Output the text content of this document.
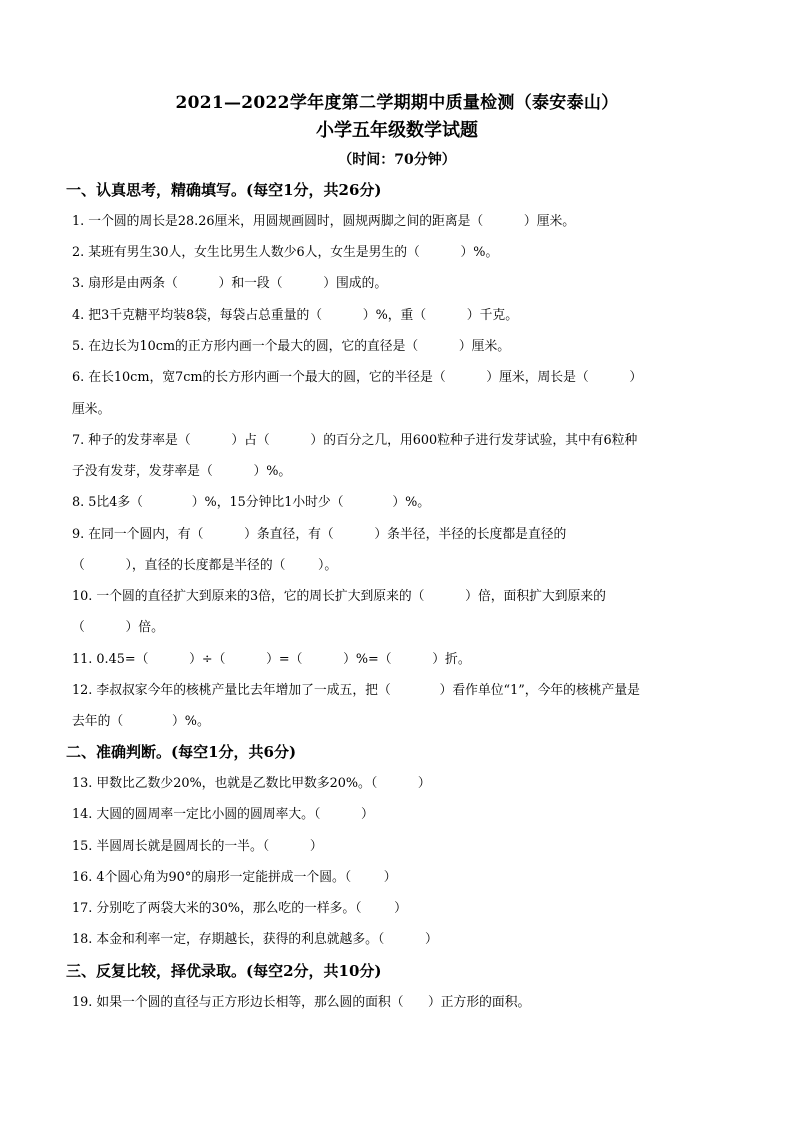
2021—2022学年度第二学期期中质量检测（泰安泰山）
小学五年级数学试题
（时间：70分钟）
一、认真思考，精确填写。(每空1分，共26分)
1. 一个圆的周长是28.26厘米，用圆规画圆时，圆规两脚之间的距离是（          ）厘米。
2. 某班有男生30人，女生比男生人数少6人，女生是男生的（          ）%。
3. 扇形是由两条（          ）和一段（          ）围成的。
4. 把3千克糖平均装8袋，每袋占总重量的（          ）%，重（          ）千克。
5. 在边长为10cm的正方形内画一个最大的圆，它的直径是（          ）厘米。
6. 在长10cm，宽7cm的长方形内画一个最大的圆，它的半径是（          ）厘米，周长是（          ）
厘米。
7. 种子的发芽率是（          ）占（          ）的百分之几，用600粒种子进行发芽试验，其中有6粒种
子没有发芽，发芽率是（          ）%。
8. 5比4多（            ）%，15分钟比1小时少（            ）%。
9. 在同一个圆内，有（          ）条直径，有（          ）条半径，半径的长度都是直径的
（          ），直径的长度都是半径的（        ）。
10. 一个圆的直径扩大到原来的3倍，它的周长扩大到原来的（          ）倍，面积扩大到原来的
（          ）倍。
11. 0.45=（          ）÷（          ）=（          ）%=（          ）折。
12. 李叔叔家今年的核桃产量比去年增加了一成五，把（            ）看作单位“1”，今年的核桃产量是
去年的（            ）%。
二、准确判断。(每空1分，共6分)
13. 甲数比乙数少20%，也就是乙数比甲数多20%。（          ）
14. 大圆的圆周率一定比小圆的圆周率大。（          ）
15. 半圆周长就是圆周长的一半。（          ）
16. 4个圆心角为90°的扇形一定能拼成一个圆。（        ）
17. 分别吃了两袋大米的30%，那么吃的一样多。（        ）
18. 本金和利率一定，存期越长，获得的利息就越多。（          ）
三、反复比较，择优录取。(每空2分，共10分)
19. 如果一个圆的直径与正方形边长相等，那么圆的面积（      ）正方形的面积。
